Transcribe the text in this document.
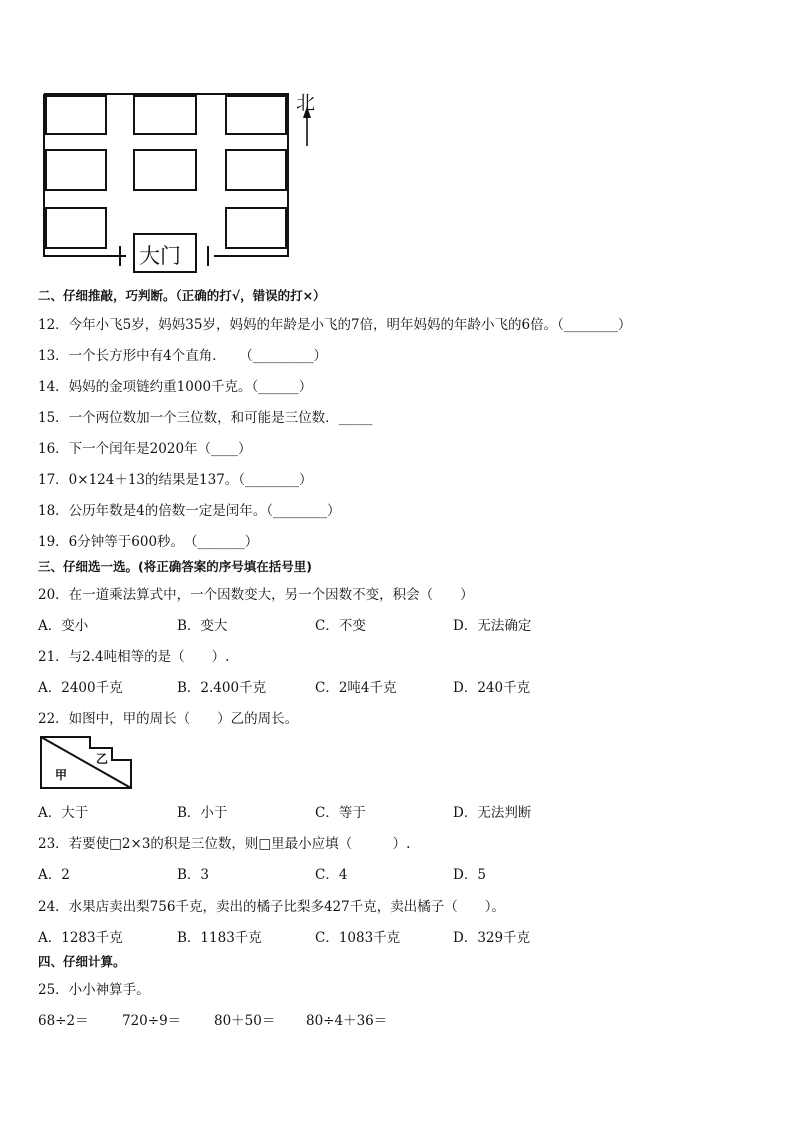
北
大门
二、仔细推敲，巧判断。（正确的打√，错误的打×）
12．今年小飞5岁，妈妈35岁，妈妈的年龄是小飞的7倍，明年妈妈的年龄小飞的6倍。（________）
13．一个长方形中有4个直角．　　（_________）
14．妈妈的金项链约重1000千克。（______）
15．一个两位数加一个三位数，和可能是三位数．_____
16．下一个闰年是2020年（____）
17．0×124＋13的结果是137。（________）
18．公历年数是4的倍数一定是闰年。（________）
19．6分钟等于600秒。　（_______）
三、仔细选一选。(将正确答案的序号填在括号里)
20．在一道乘法算式中，一个因数变大，另一个因数不变，积会（　　）
A．变小	B．变大	C．不变	D．无法确定
21．与2.4吨相等的是（　　）.
A．2400千克	B．2.400千克	C．2吨4千克	D．240千克
22．如图中，甲的周长（　　）乙的周长。
乙
甲
A．大于	B．小于	C．等于	D．无法判断
23．若要使□2×3的积是三位数，则□里最小应填（　　　）.
A．2	B．3	C．4	D．5
24．水果店卖出梨756千克，卖出的橘子比梨多427千克，卖出橘子（　　）。
A．1283千克	B．1183千克	C．1083千克	D．329千克
四、仔细计算。
25．小小神算手。
68÷2＝ 720÷9＝ 80＋50＝ 80÷4＋36＝
